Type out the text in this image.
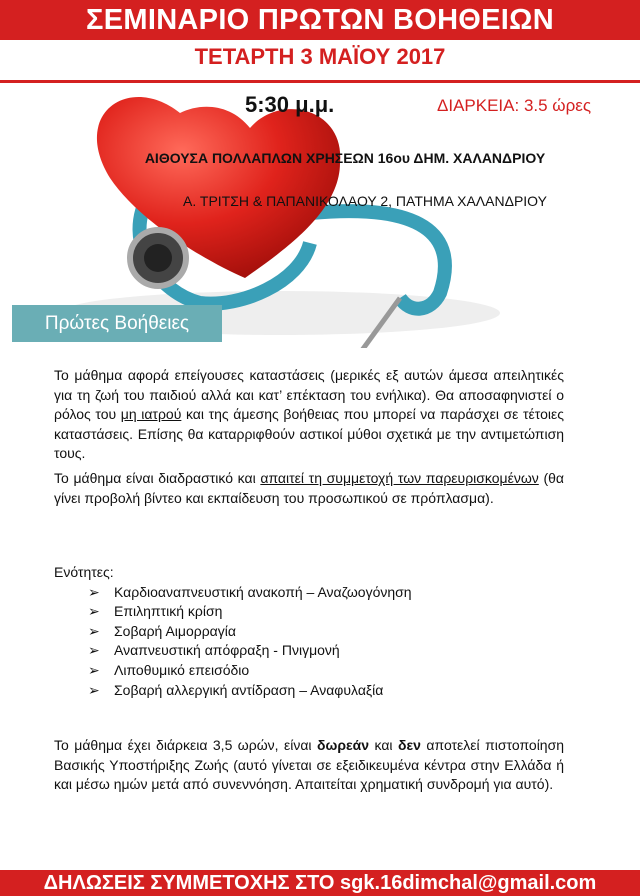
ΣΕΜΙΝΑΡΙΟ ΠΡΩΤΩΝ ΒΟΗΘΕΙΩΝ
ΤΕΤΑΡΤΗ 3 ΜΑΪΟΥ 2017
5:30 μ.μ.	ΔΙΑΡΚΕΙΑ: 3.5 ώρες
ΑΙΘΟΥΣΑ ΠΟΛΛΑΠΛΩΝ ΧΡΗΣΕΩΝ 16ου ΔΗΜ. ΧΑΛΑΝΔΡΙΟΥ
Α. ΤΡΙΤΣΗ & ΠΑΠΑΝΙΚΟΛΑΟΥ 2, ΠΑΤΗΜΑ ΧΑΛΑΝΔΡΙΟΥ
Πρώτες Βοήθειες
Το μάθημα αφορά επείγουσες καταστάσεις (μερικές εξ αυτών άμεσα απειλητικές για τη ζωή του παιδιού αλλά και κατ’ επέκταση του ενήλικα). Θα αποσαφηνιστεί ο ρόλος του μη ιατρού και της άμεσης βοήθειας που μπορεί να παράσχει σε τέτοιες καταστάσεις. Επίσης θα καταρριφθούν αστικοί μύθοι σχετικά με την αντιμετώπιση τους.
Το μάθημα είναι διαδραστικό και απαιτεί τη συμμετοχή των παρευρισκομένων (θα γίνει προβολή βίντεο και εκπαίδευση του προσωπικού σε πρόπλασμα).
Ενότητες:
➢ Καρδιοαναπνευστική ανακοπή – Αναζωογόνηση
➢ Επιληπτική κρίση
➢ Σοβαρή Αιμορραγία
➢ Αναπνευστική απόφραξη - Πνιγμονή
➢ Λιποθυμικό επεισόδιο
➢ Σοβαρή αλλεργική αντίδραση – Αναφυλαξία
Το μάθημα έχει διάρκεια 3,5 ωρών, είναι δωρεάν και δεν αποτελεί πιστοποίηση Βασικής Υποστήριξης Ζωής (αυτό γίνεται σε εξειδικευμένα κέντρα στην Ελλάδα ή και μέσω ημών μετά από συνεννόηση. Απαιτείται χρηματική συνδρομή για αυτό).
ΔΗΛΩΣΕΙΣ ΣΥΜΜΕΤΟΧΗΣ ΣΤΟ sgk.16dimchal@gmail.com
